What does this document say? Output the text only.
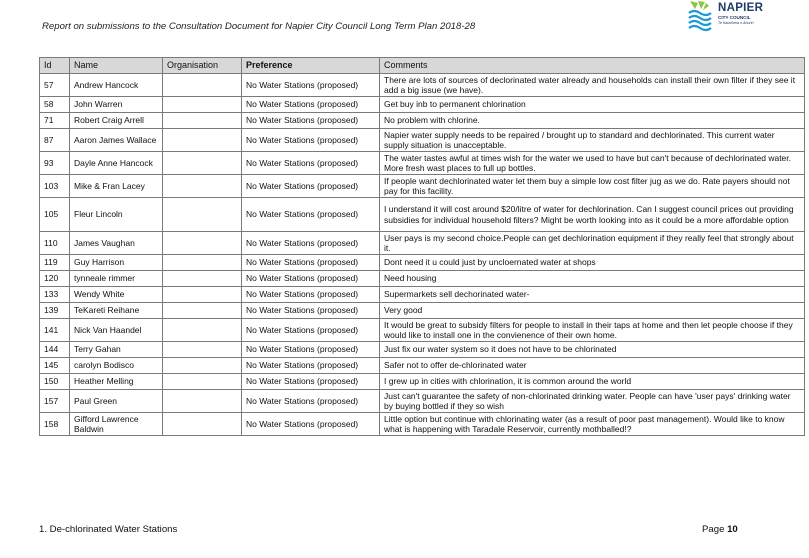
Report on submissions to the Consultation Document for Napier City Council Long Term Plan 2018-28
NAPIER
CITY COUNCIL
Te Kaunihera o Ahuriri
Id	Name	Organisation	Preference	Comments
57	Andrew Hancock		No Water Stations (proposed)	There are lots of sources of declorinated water already and households can install their own filter if they see it add a big issue (we have).
58	John Warren		No Water Stations (proposed)	Get buy inb to permanent chlorination
71	Robert Craig Arrell		No Water Stations (proposed)	No problem with chlorine.
87	Aaron James Wallace		No Water Stations (proposed)	Napier water supply needs to be repaired / brought up to standard and dechlorinated. This current water supply situation is unacceptable.
93	Dayle Anne Hancock		No Water Stations (proposed)	The water tastes awful at times wish for the water we used to have but can't because of dechlorinated water. More fresh wast places to full up bottles.
103	Mike & Fran Lacey		No Water Stations (proposed)	If people want dechlorinated water let them buy a simple low cost filter jug as we do. Rate payers should not pay for this facility.
105	Fleur Lincoln		No Water Stations (proposed)	I understand it will cost around $20/litre of water for dechlorination. Can I suggest council prices out providing subsidies for individual household filters? Might be worth looking into as it could be a more affordable option
110	James Vaughan		No Water Stations (proposed)	User pays is my second choice.People can get dechlorination equipment if they really feel that strongly about it.
119	Guy Harrison		No Water Stations (proposed)	Dont need it u could just by uncloernated water at shops
120	tynneale rimmer		No Water Stations (proposed)	Need housing
133	Wendy White		No Water Stations (proposed)	Supermarkets sell dechorinated water-
139	TeKareti Reihane		No Water Stations (proposed)	Very good
141	Nick Van Haandel		No Water Stations (proposed)	It would be great to subsidy filters for people to install in their taps at home and then let people choose if they would like to install one in the convienence of their own home.
144	Terry Gahan		No Water Stations (proposed)	Just fix our water system so it does not have to be chlorinated
145	carolyn Bodisco		No Water Stations (proposed)	Safer not to offer de-chlorinated water
150	Heather Melling		No Water Stations (proposed)	I grew up in cities with chlorination, it is common around the world
157	Paul Green		No Water Stations (proposed)	Just can't guarantee the safety of non-chlorinated drinking water. People can have 'user pays' drinking water by buying bottled if they so wish
158	Gifford Lawrence Baldwin		No Water Stations (proposed)	Little option but continue with chlorinating water (as a result of poor past management). Would like to know what is happening with Taradale Reservoir, currently mothballed!?
1. De-chlorinated Water Stations	Page 10
